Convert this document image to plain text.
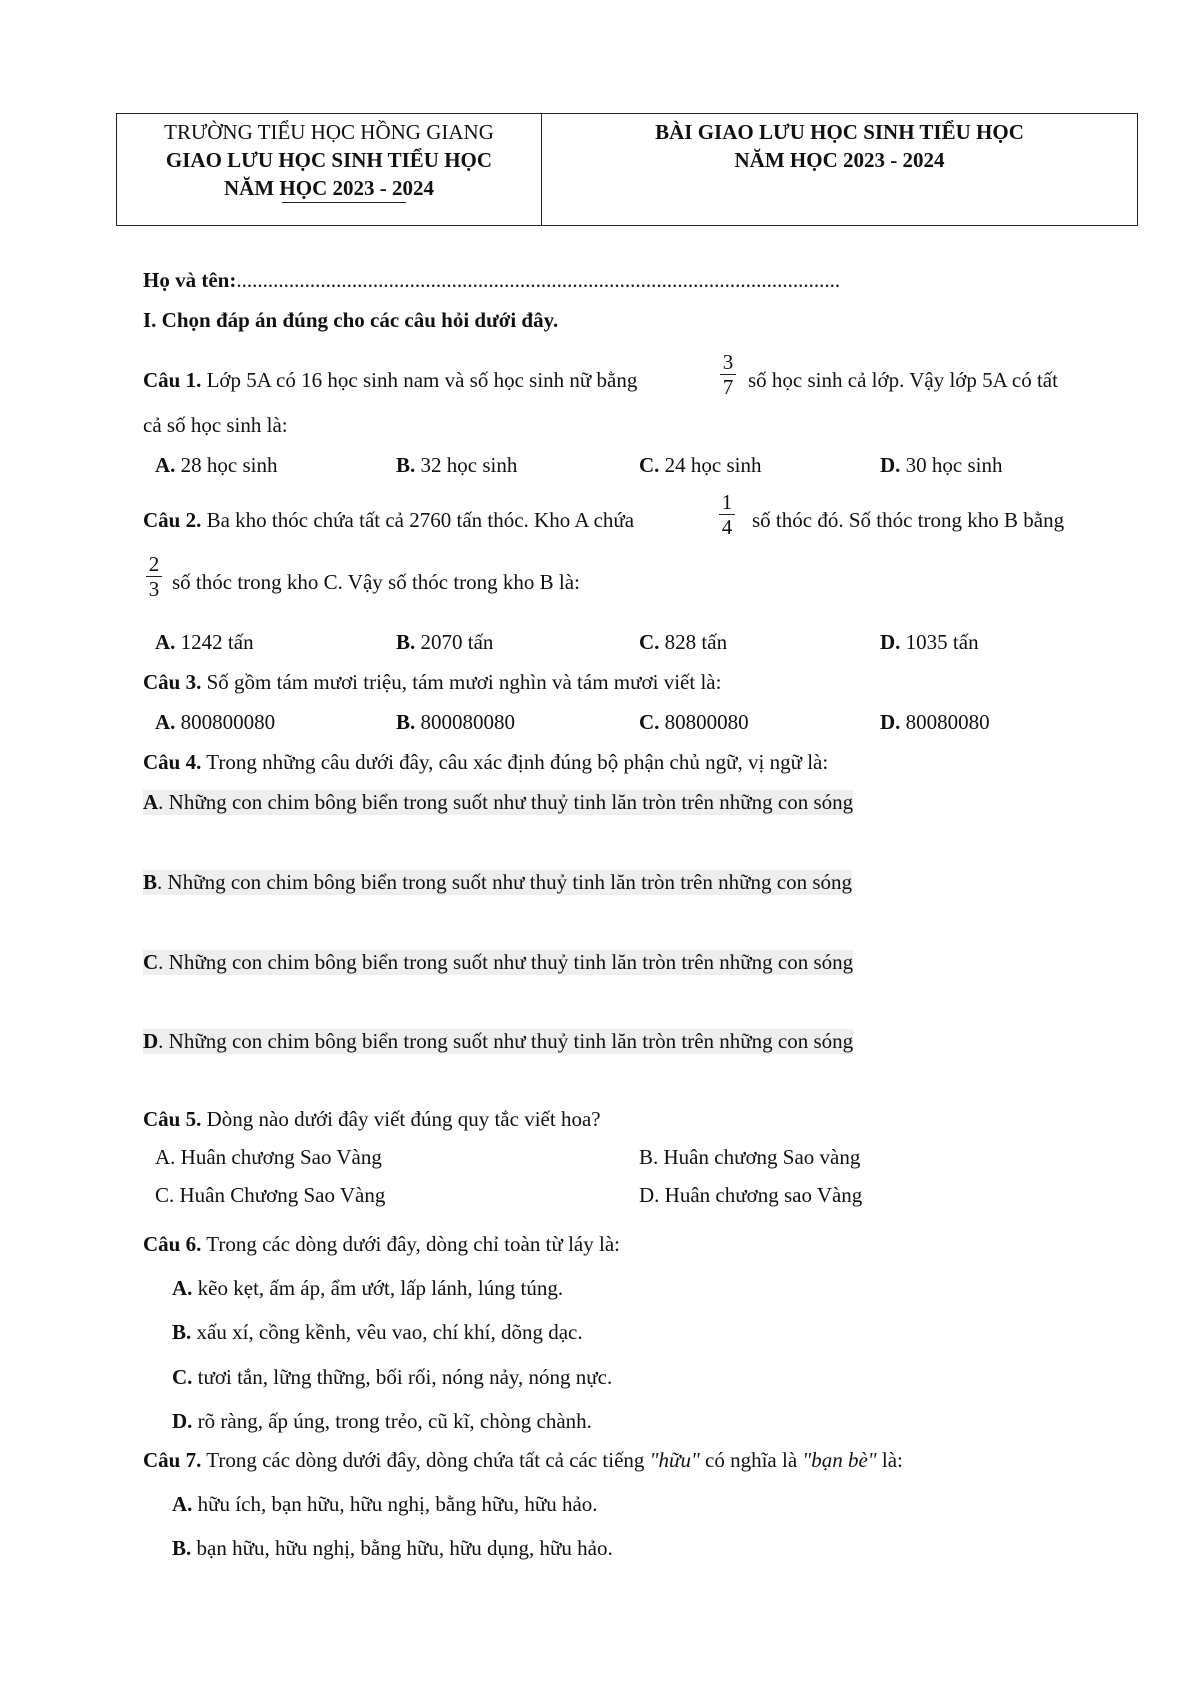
TRƯỜNG TIỂU HỌC HỒNG GIANG
GIAO LƯU HỌC SINH TIỂU HỌC
NĂM HỌC 2023 - 2024
BÀI GIAO LƯU HỌC SINH TIỂU HỌC
NĂM HỌC 2023 - 2024
Họ và tên:...................................................................................................................
I. Chọn đáp án đúng cho các câu hỏi dưới đây.
Câu 1. Lớp 5A có 16 học sinh nam và số học sinh nữ bằng
3
7 số học sinh cả lớp. Vậy lớp 5A có tất
cả số học sinh là:
A. 28 học sinh	B. 32 học sinh	C. 24 học sinh	D. 30 học sinh
Câu 2. Ba kho thóc chứa tất cả 2760 tấn thóc. Kho A chứa
1
4 số thóc đó. Số thóc trong kho B bằng
2
3 số thóc trong kho C. Vậy số thóc trong kho B là:
A. 1242 tấn	B. 2070 tấn	C. 828 tấn	D. 1035 tấn
Câu 3. Số gồm tám mươi triệu, tám mươi nghìn và tám mươi viết là:
A. 800800080	B. 800080080	C. 80800080	D. 80080080
Câu 4. Trong những câu dưới đây, câu xác định đúng bộ phận chủ ngữ, vị ngữ là:
A. Những con chim bông biển trong suốt như thuỷ tinh lăn tròn trên những con sóng
B. Những con chim bông biển trong suốt như thuỷ tinh lăn tròn trên những con sóng
C. Những con chim bông biển trong suốt như thuỷ tinh lăn tròn trên những con sóng
D. Những con chim bông biển trong suốt như thuỷ tinh lăn tròn trên những con sóng
Câu 5. Dòng nào dưới đây viết đúng quy tắc viết hoa?
A. Huân chương Sao Vàng	B. Huân chương Sao vàng
C. Huân Chương Sao Vàng	D. Huân chương sao Vàng
Câu 6. Trong các dòng dưới đây, dòng chỉ toàn từ láy là:
A. kẽo kẹt, ấm áp, ẩm ướt, lấp lánh, lúng túng.
B. xấu xí, cồng kềnh, vêu vao, chí khí, dõng dạc.
C. tươi tắn, lững thững, bối rối, nóng nảy, nóng nực.
D. rõ ràng, ấp úng, trong trẻo, cũ kĩ, chòng chành.
Câu 7. Trong các dòng dưới đây, dòng chứa tất cả các tiếng "hữu" có nghĩa là "bạn bè" là:
A. hữu ích, bạn hữu, hữu nghị, bằng hữu, hữu hảo.
B. bạn hữu, hữu nghị, bằng hữu, hữu dụng, hữu hảo.
